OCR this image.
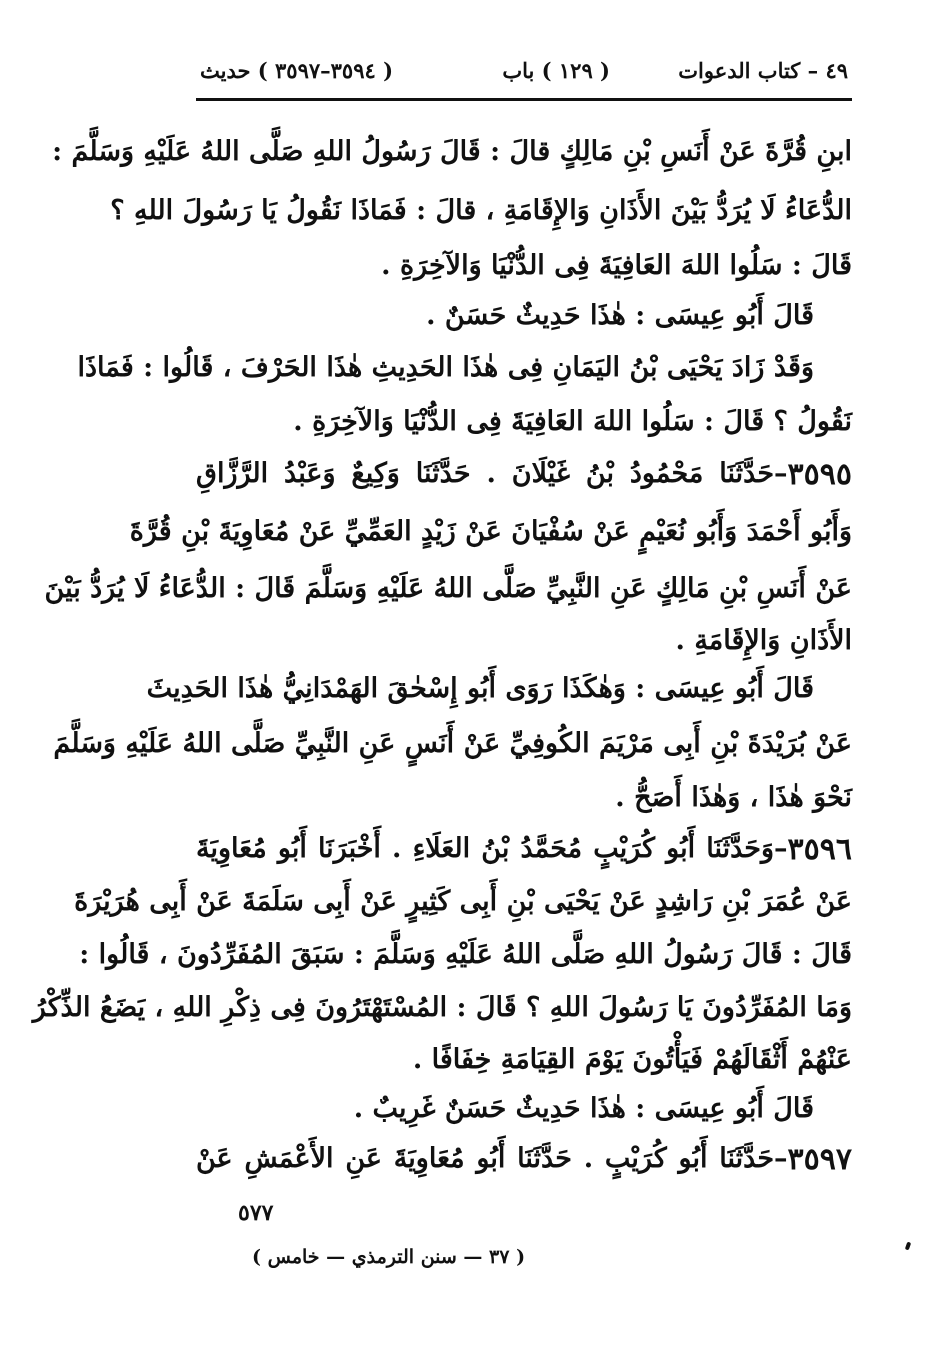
٤٩ – كتاب الدعوات
( ١٢٩ ) باب
( ٣٥٩٤–٣٥٩٧ ) حديث
ابنِ قُرَّةَ عَنْ أَنَسِ بْنِ مَالِكٍ قالَ : قَالَ رَسُولُ اللهِ صَلَّى اللهُ عَلَيْهِ وَسَلَّمَ :
الدُّعَاءُ لَا يُرَدُّ بَيْنَ الأَذَانِ وَالإِقَامَةِ ، قالَ : فَمَاذَا نَقُولُ يَا رَسُولَ اللهِ ؟
قَالَ : سَلُوا اللهَ العَافِيَةَ فِى الدُّنْيَا وَالآخِرَةِ .
قَالَ أَبُو عِيسَى : هٰذَا حَدِيثٌ حَسَنٌ .
وَقَدْ زَادَ يَحْيَى بْنُ اليَمَانِ فِى هٰذَا الحَدِيثِ هٰذَا الحَرْفَ ، قَالُوا : فَمَاذَا
نَقُولُ ؟ قَالَ : سَلُوا اللهَ العَافِيَةَ فِى الدُّنْيَا وَالآخِرَةِ .
٣٥٩٥
–
حَدَّثَنَا مَحْمُودُ بْنُ غَيْلَانَ . حَدَّثَنَا وَكِيعٌ وَعَبْدُ الرَّزَّاقِ
وَأَبُو أَحْمَدَ وَأَبُو نُعَيْمٍ عَنْ سُفْيَانَ عَنْ زَيْدٍ العَمِّيِّ عَنْ مُعَاوِيَةَ بْنِ قُرَّةَ
عَنْ أَنَسِ بْنِ مَالِكٍ عَنِ النَّبِيِّ صَلَّى اللهُ عَلَيْهِ وَسَلَّمَ قَالَ : الدُّعَاءُ لَا يُرَدُّ بَيْنَ
الأَذَانِ وَالإِقَامَةِ .
قَالَ أَبُو عِيسَى : وَهٰكَذَا رَوَى أَبُو إِسْحٰقَ الهَمْدَانِيُّ هٰذَا الحَدِيثَ
عَنْ بُرَيْدَةَ بْنِ أَبِى مَرْيَمَ الكُوفِيِّ عَنْ أَنَسٍ عَنِ النَّبِيِّ صَلَّى اللهُ عَلَيْهِ وَسَلَّمَ
نَحْوَ هٰذَا ، وَهٰذَا أَصَحُّ .
٣٥٩٦
–
وَحَدَّثَنَا أَبُو كُرَيْبٍ مُحَمَّدُ بْنُ العَلَاءِ . أَخْبَرَنَا أَبُو مُعَاوِيَةَ
عَنْ عُمَرَ بْنِ رَاشِدٍ عَنْ يَحْيَى بْنِ أَبِى كَثِيرٍ عَنْ أَبِى سَلَمَةَ عَنْ أَبِى هُرَيْرَةَ
قَالَ : قَالَ رَسُولُ اللهِ صَلَّى اللهُ عَلَيْهِ وَسَلَّمَ : سَبَقَ المُفَرِّدُونَ ، قَالُوا :
وَمَا المُفَرِّدُونَ يَا رَسُولَ اللهِ ؟ قَالَ : المُسْتَهْتَرُونَ فِى ذِكْرِ اللهِ ، يَضَعُ الذِّكْرُ
عَنْهُمْ أَثْقَالَهُمْ فَيَأْتُونَ يَوْمَ القِيَامَةِ خِفَافًا .
قَالَ أَبُو عِيسَى : هٰذَا حَدِيثٌ حَسَنٌ غَرِيبٌ .
٣٥٩٧
–
حَدَّثَنَا أَبُو كُرَيْبٍ . حَدَّثَنَا أَبُو مُعَاوِيَةَ عَنِ الأَعْمَشِ عَنْ
٥٧٧
( ٣٧ — سنن الترمذي — خامس )
